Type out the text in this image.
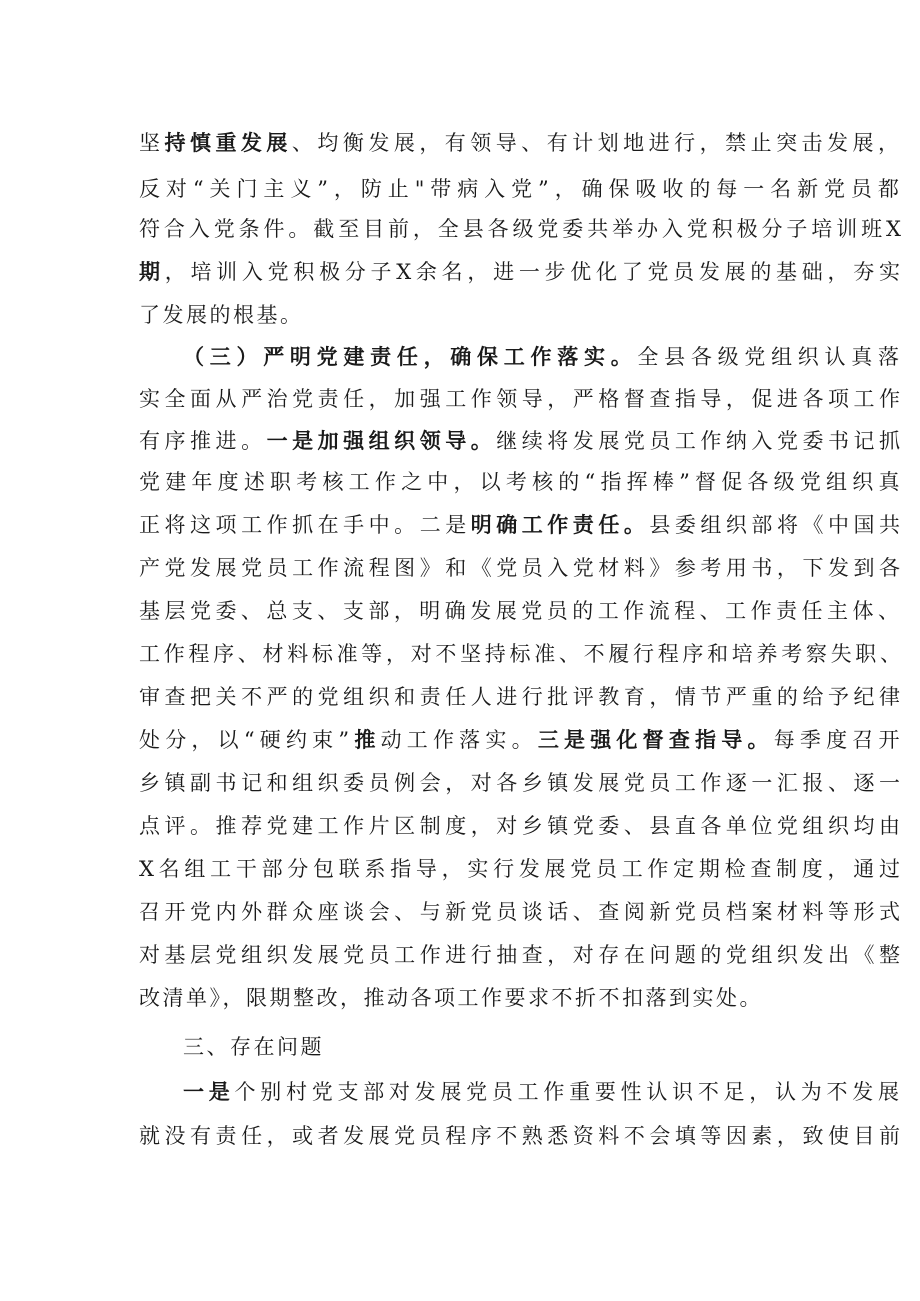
坚持慎重发展、均衡发展，有领导、有计划地进行，禁止突击发展，
反对“关门主义”，防止"带病入党”，确保吸收的每一名新党员都
符合入党条件。截至目前，全县各级党委共举办入党积极分子培训班X
期，培训入党积极分子X余名，进一步优化了党员发展的基础，夯实
了发展的根基。
（三）严明党建责任，确保工作落实。全县各级党组织认真落
实全面从严治党责任，加强工作领导，严格督查指导，促进各项工作
有序推进。一是加强组织领导。继续将发展党员工作纳入党委书记抓
党建年度述职考核工作之中，以考核的“指挥棒”督促各级党组织真
正将这项工作抓在手中。二是明确工作责任。县委组织部将《中国共
产党发展党员工作流程图》和《党员入党材料》参考用书，下发到各
基层党委、总支、支部，明确发展党员的工作流程、工作责任主体、
工作程序、材料标准等，对不坚持标准、不履行程序和培养考察失职、
审查把关不严的党组织和责任人进行批评教育，情节严重的给予纪律
处分，以“硬约束”推动工作落实。三是强化督查指导。每季度召开
乡镇副书记和组织委员例会，对各乡镇发展党员工作逐一汇报、逐一
点评。推荐党建工作片区制度，对乡镇党委、县直各单位党组织均由
X名组工干部分包联系指导，实行发展党员工作定期检查制度，通过
召开党内外群众座谈会、与新党员谈话、查阅新党员档案材料等形式
对基层党组织发展党员工作进行抽查，对存在问题的党组织发出《整
改清单》，限期整改，推动各项工作要求不折不扣落到实处。
三、存在问题
一是个别村党支部对发展党员工作重要性认识不足，认为不发展
就没有责任，或者发展党员程序不熟悉资料不会填等因素，致使目前
